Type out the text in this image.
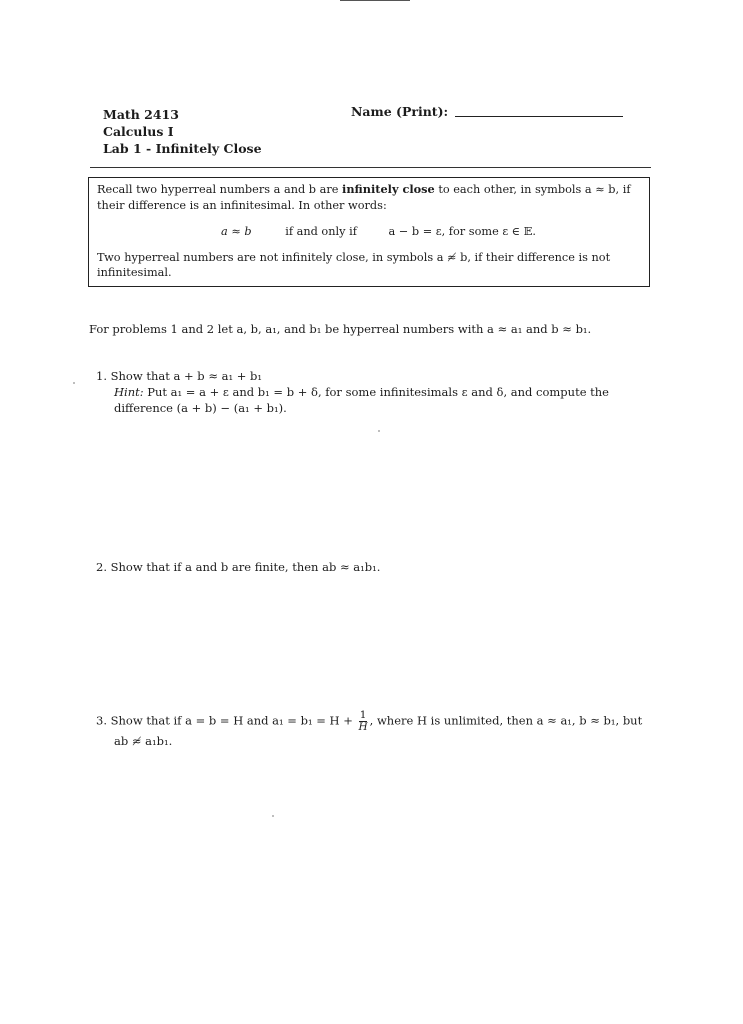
Math 2413
Calculus I
Lab 1 - Infinitely Close
Name (Print):

Recall two hyperreal numbers a and b are infinitely close to each other, in symbols a ≈ b, if their difference is an infinitesimal. In other words:

a ≈ b	if and only if	a − b = ε, for some ε ∈ 𝔼.

Two hyperreal numbers are not infinitely close, in symbols a ≉ b, if their difference is not infinitesimal.

For problems 1 and 2 let a, b, a₁, and b₁ be hyperreal numbers with a ≈ a₁ and b ≈ b₁.
1. Show that a + b ≈ a₁ + b₁
Hint: Put a₁ = a + ε and b₁ = b + δ, for some infinitesimals ε and δ, and compute the difference (a + b) − (a₁ + b₁).
2. Show that if a and b are finite, then ab ≈ a₁b₁.
3. Show that if a = b = H and $a_1 = b_1 = H + \frac{1}{H}$ , where H is unlimited, then a ≈ a₁, b ≈ b₁, but
ab ≉ a₁b₁.
